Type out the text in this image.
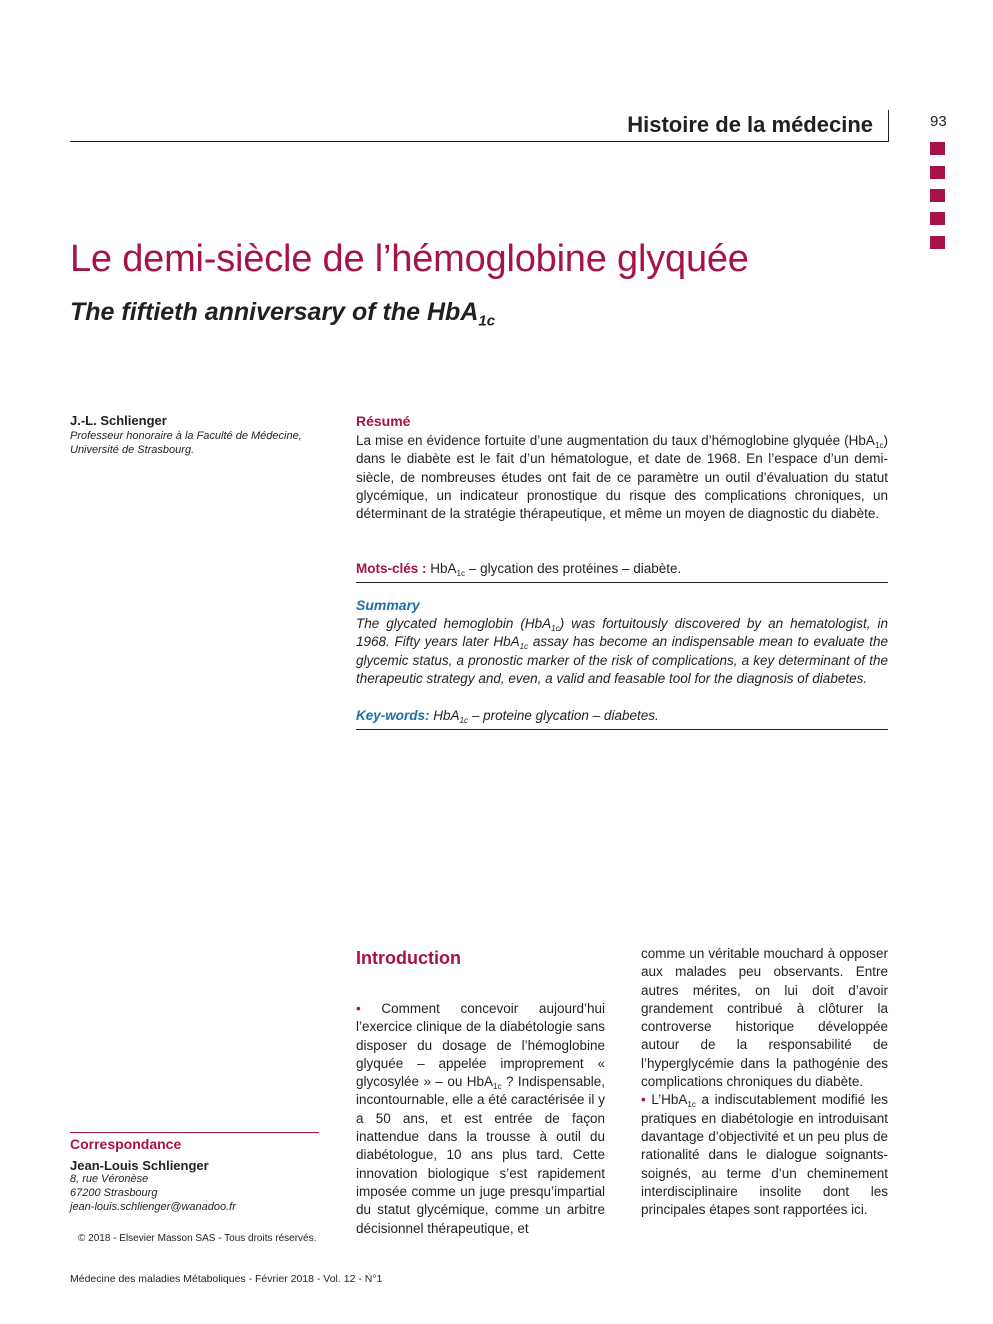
Histoire de la médecine	93
Le demi-siècle de l’hémoglobine glyquée
The fiftieth anniversary of the HbA$_{1c}$
J.-L. Schlienger
Professeur honoraire à la Faculté de Médecine,
Université de Strasbourg.
Résumé
La mise en évidence fortuite d’une augmentation du taux d’hémoglobine glyquée (HbA$_{1c}$) dans le diabète est le fait d’un hématologue, et date de 1968. En l’espace d’un demi-siècle, de nombreuses études ont fait de ce paramètre un outil d’évaluation du statut glycémique, un indicateur pronostique du risque des complications chroniques, un déterminant de la stratégie thérapeutique, et même un moyen de diagnostic du diabète.
Mots-clés : HbA$_{1c}$ – glycation des protéines – diabète.
Summary
The glycated hemoglobin (HbA$_{1c}$) was fortuitously discovered by an hematologist, in 1968. Fifty years later HbA$_{1c}$ assay has become an indispensable mean to evaluate the glycemic status, a pronostic marker of the risk of complications, a key determinant of the therapeutic strategy and, even, a valid and feasable tool for the diagnosis of diabetes.
Key-words: HbA$_{1c}$ – proteine glycation – diabetes.
Introduction
• Comment concevoir aujourd’hui l’exercice clinique de la diabétologie sans disposer du dosage de l’hémoglobine glyquée – appelée improprement « glycosylée » – ou HbA$_{1c}$ ? Indispensable, incontournable, elle a été caractérisée il y a 50 ans, et est entrée de façon inattendue dans la trousse à outil du diabétologue, 10 ans plus tard. Cette innovation biologique s’est rapidement imposée comme un juge presqu’impartial du statut glycémique, comme un arbitre décisionnel thérapeutique, et
comme un véritable mouchard à opposer aux malades peu observants. Entre autres mérites, on lui doit d’avoir grandement contribué à clôturer la controverse historique développée autour de la responsabilité de l’hyperglycémie dans la pathogénie des complications chroniques du diabète.
• L’HbA$_{1c}$ a indiscutablement modifié les pratiques en diabétologie en introduisant davantage d’objectivité et un peu plus de rationalité dans le dialogue soignants-soignés, au terme d’un cheminement interdisciplinaire insolite dont les principales étapes sont rapportées ici.
Correspondance
Jean-Louis Schlienger
8, rue Véronèse
67200 Strasbourg
jean-louis.schlienger@wanadoo.fr
© 2018 - Elsevier Masson SAS - Tous droits réservés.
Médecine des maladies Métaboliques - Février 2018 - Vol. 12 - N°1
